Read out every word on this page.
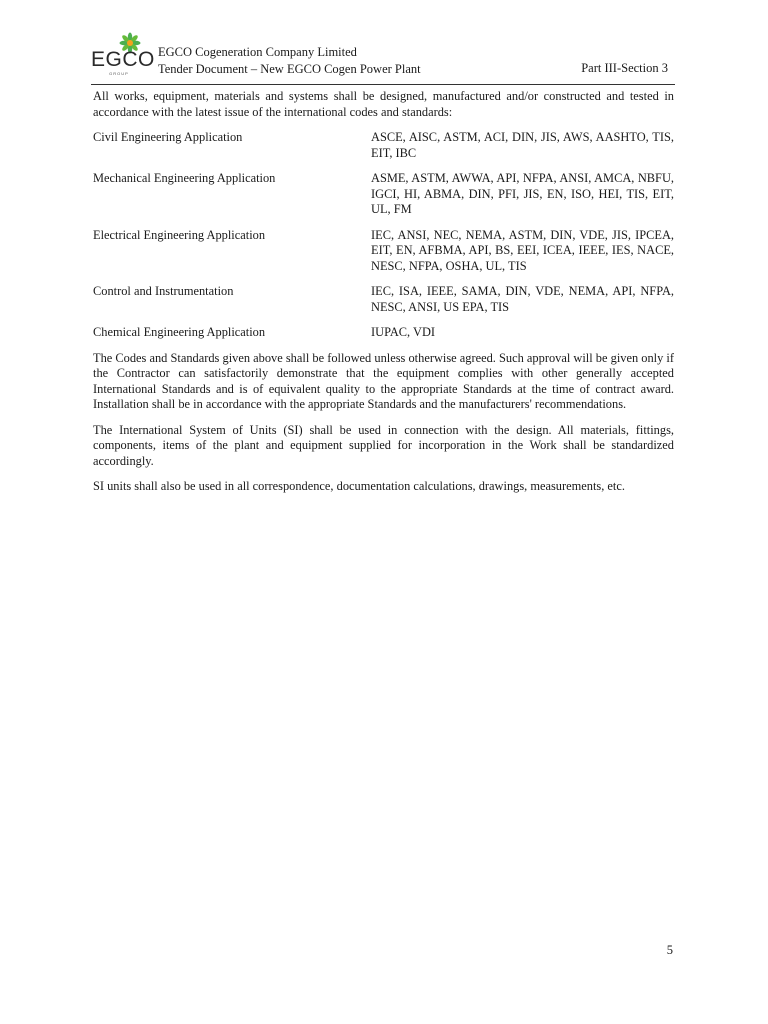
EGCO
GROUP
EGCO Cogeneration Company Limited
Tender Document – New EGCO Cogen Power Plant	Part III-Section 3

All works, equipment, materials and systems shall be designed, manufactured and/or constructed and tested in accordance with the latest issue of the international codes and standards:

Civil Engineering Application	ASCE, AISC, ASTM, ACI, DIN, JIS, AWS, AASHTO, TIS, EIT, IBC
Mechanical Engineering Application	ASME, ASTM, AWWA, API, NFPA, ANSI, AMCA, NBFU, IGCI, HI, ABMA, DIN, PFI, JIS, EN, ISO, HEI, TIS, EIT, UL, FM
Electrical Engineering Application	IEC, ANSI, NEC, NEMA, ASTM, DIN, VDE, JIS, IPCEA, EIT, EN, AFBMA, API, BS, EEI, ICEA, IEEE, IES, NACE, NESC, NFPA, OSHA, UL, TIS
Control and Instrumentation	IEC, ISA, IEEE, SAMA, DIN, VDE, NEMA, API, NFPA, NESC, ANSI, US EPA, TIS
Chemical Engineering Application	IUPAC, VDI

The Codes and Standards given above shall be followed unless otherwise agreed. Such approval will be given only if the Contractor can satisfactorily demonstrate that the equipment complies with other generally accepted International Standards and is of equivalent quality to the appropriate Standards at the time of contract award. Installation shall be in accordance with the appropriate Standards and the manufacturers' recommendations.

The International System of Units (SI) shall be used in connection with the design. All materials, fittings, components, items of the plant and equipment supplied for incorporation in the Work shall be standardized accordingly.

SI units shall also be used in all correspondence, documentation calculations, drawings, measurements, etc.

5
